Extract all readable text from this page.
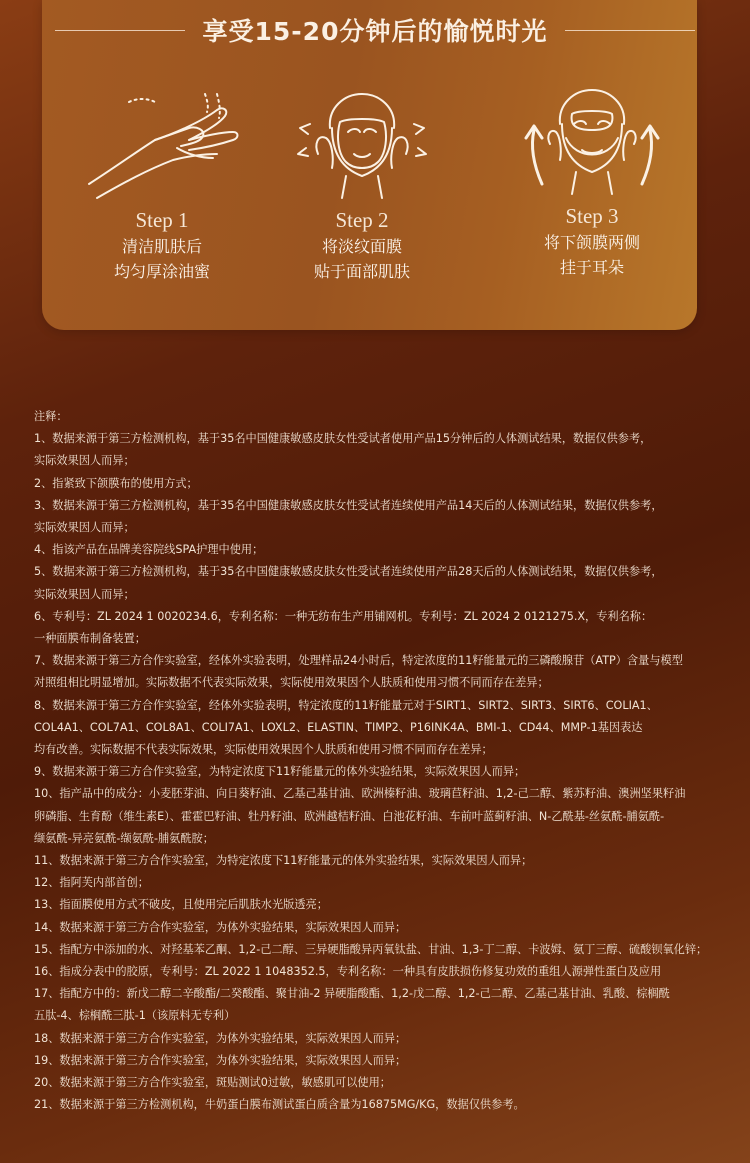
享受15-20分钟后的愉悦时光
Step 1
清洁肌肤后
均匀厚涂油蜜
Step 2
将淡纹面膜
贴于面部肌肤
Step 3
将下颌膜两侧
挂于耳朵

注释：

1、数据来源于第三方检测机构，基于35名中国健康敏感皮肤女性受试者使用产品15分钟后的人体测试结果，数据仅供参考，

实际效果因人而异；

2、指紧致下颌膜布的使用方式；

3、数据来源于第三方检测机构，基于35名中国健康敏感皮肤女性受试者连续使用产品14天后的人体测试结果，数据仅供参考，

实际效果因人而异；

4、指该产品在品牌美容院线SPA护理中使用；

5、数据来源于第三方检测机构，基于35名中国健康敏感皮肤女性受试者连续使用产品28天后的人体测试结果，数据仅供参考，

实际效果因人而异；

6、专利号：ZL 2024 1 0020234.6，专利名称：一种无纺布生产用铺网机。专利号：ZL 2024 2 0121275.X，专利名称：

一种面膜布制备装置；

7、数据来源于第三方合作实验室，经体外实验表明，处理样品24小时后，特定浓度的11籽能量元的三磷酸腺苷（ATP）含量与模型

对照组相比明显增加。实际数据不代表实际效果，实际使用效果因个人肤质和使用习惯不同而存在差异；

8、数据来源于第三方合作实验室，经体外实验表明，特定浓度的11籽能量元对于SIRT1、SIRT2、SIRT3、SIRT6、COLIA1、

COL4A1、COL7A1、COL8A1、COLI7A1、LOXL2、ELASTIN、TIMP2、P16INK4A、BMI-1、CD44、MMP-1基因表达

均有改善。实际数据不代表实际效果，实际使用效果因个人肤质和使用习惯不同而存在差异；

9、数据来源于第三方合作实验室，为特定浓度下11籽能量元的体外实验结果，实际效果因人而异；

10、指产品中的成分：小麦胚芽油、向日葵籽油、乙基己基甘油、欧洲榛籽油、玻璃苣籽油、1,2-己二醇、紫苏籽油、澳洲坚果籽油

卵磷脂、生育酚（维生素E）、霍霍巴籽油、牡丹籽油、欧洲越桔籽油、白池花籽油、车前叶蓝蓟籽油、N-乙酰基-丝氨酰-脯氨酰-

缬氨酰-异亮氨酰-缬氨酰-脯氨酰胺；

11、数据来源于第三方合作实验室，为特定浓度下11籽能量元的体外实验结果，实际效果因人而异；

12、指阿芙内部首创；

13、指面膜使用方式不破皮，且使用完后肌肤水光版透亮；

14、数据来源于第三方合作实验室，为体外实验结果，实际效果因人而异；

15、指配方中添加的水、对羟基苯乙酮、1,2-己二醇、三异硬脂酸异丙氧钛盐、甘油、1,3-丁二醇、卡波姆、氨丁三醇、硫酸钡氧化锌；

16、指成分表中的胶原，专利号：ZL 2022 1 1048352.5，专利名称：一种具有皮肤损伤修复功效的重组人源弹性蛋白及应用

17、指配方中的：新戊二醇二辛酸酯/二癸酸酯、聚甘油-2 异硬脂酸酯、1,2-戊二醇、1,2-己二醇、乙基己基甘油、乳酸、棕榈酰

五肽-4、棕榈酰三肽-1（该原料无专利）

18、数据来源于第三方合作实验室，为体外实验结果，实际效果因人而异；

19、数据来源于第三方合作实验室，为体外实验结果，实际效果因人而异；

20、数据来源于第三方合作实验室，斑贴测试0过敏，敏感肌可以使用；

21、数据来源于第三方检测机构，牛奶蛋白膜布测试蛋白质含量为16875MG/KG，数据仅供参考。
